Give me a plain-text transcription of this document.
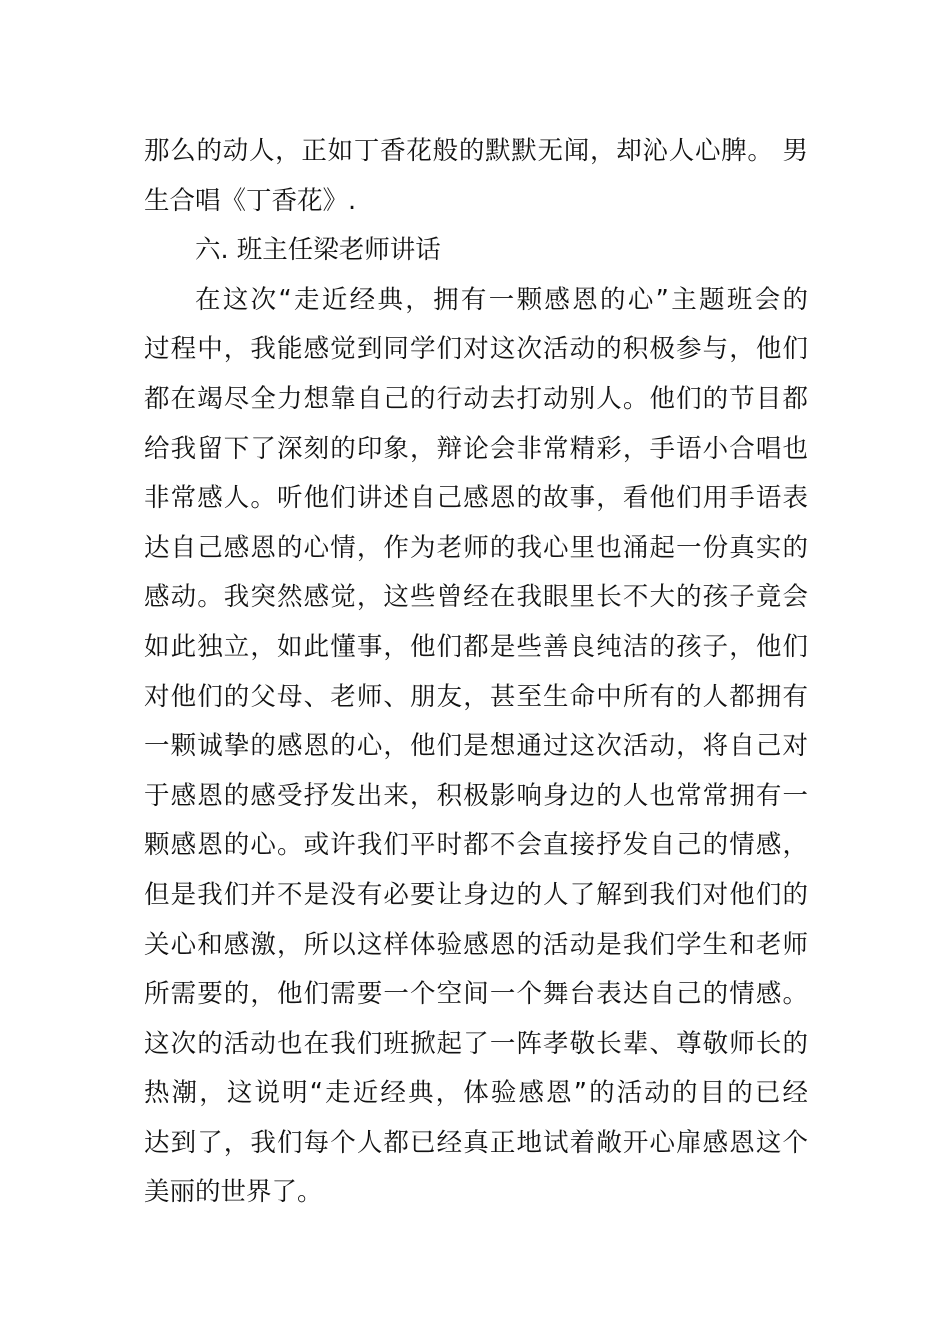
那么的动人，正如丁香花般的默默无闻，却沁人心脾。 男
生合唱《丁香花》.
六. 班主任梁老师讲话
在这次“走近经典，拥有一颗感恩的心”主题班会的
过程中，我能感觉到同学们对这次活动的积极参与，他们
都在竭尽全力想靠自己的行动去打动别人。他们的节目都
给我留下了深刻的印象，辩论会非常精彩，手语小合唱也
非常感人。听他们讲述自己感恩的故事，看他们用手语表
达自己感恩的心情，作为老师的我心里也涌起一份真实的
感动。我突然感觉，这些曾经在我眼里长不大的孩子竟会
如此独立，如此懂事，他们都是些善良纯洁的孩子，他们
对他们的父母、老师、朋友，甚至生命中所有的人都拥有
一颗诚挚的感恩的心，他们是想通过这次活动，将自己对
于感恩的感受抒发出来，积极影响身边的人也常常拥有一
颗感恩的心。或许我们平时都不会直接抒发自己的情感，
但是我们并不是没有必要让身边的人了解到我们对他们的
关心和感激，所以这样体验感恩的活动是我们学生和老师
所需要的，他们需要一个空间一个舞台表达自己的情感。
这次的活动也在我们班掀起了一阵孝敬长辈、尊敬师长的
热潮，这说明“走近经典，体验感恩”的活动的目的已经
达到了，我们每个人都已经真正地试着敞开心扉感恩这个
美丽的世界了。
